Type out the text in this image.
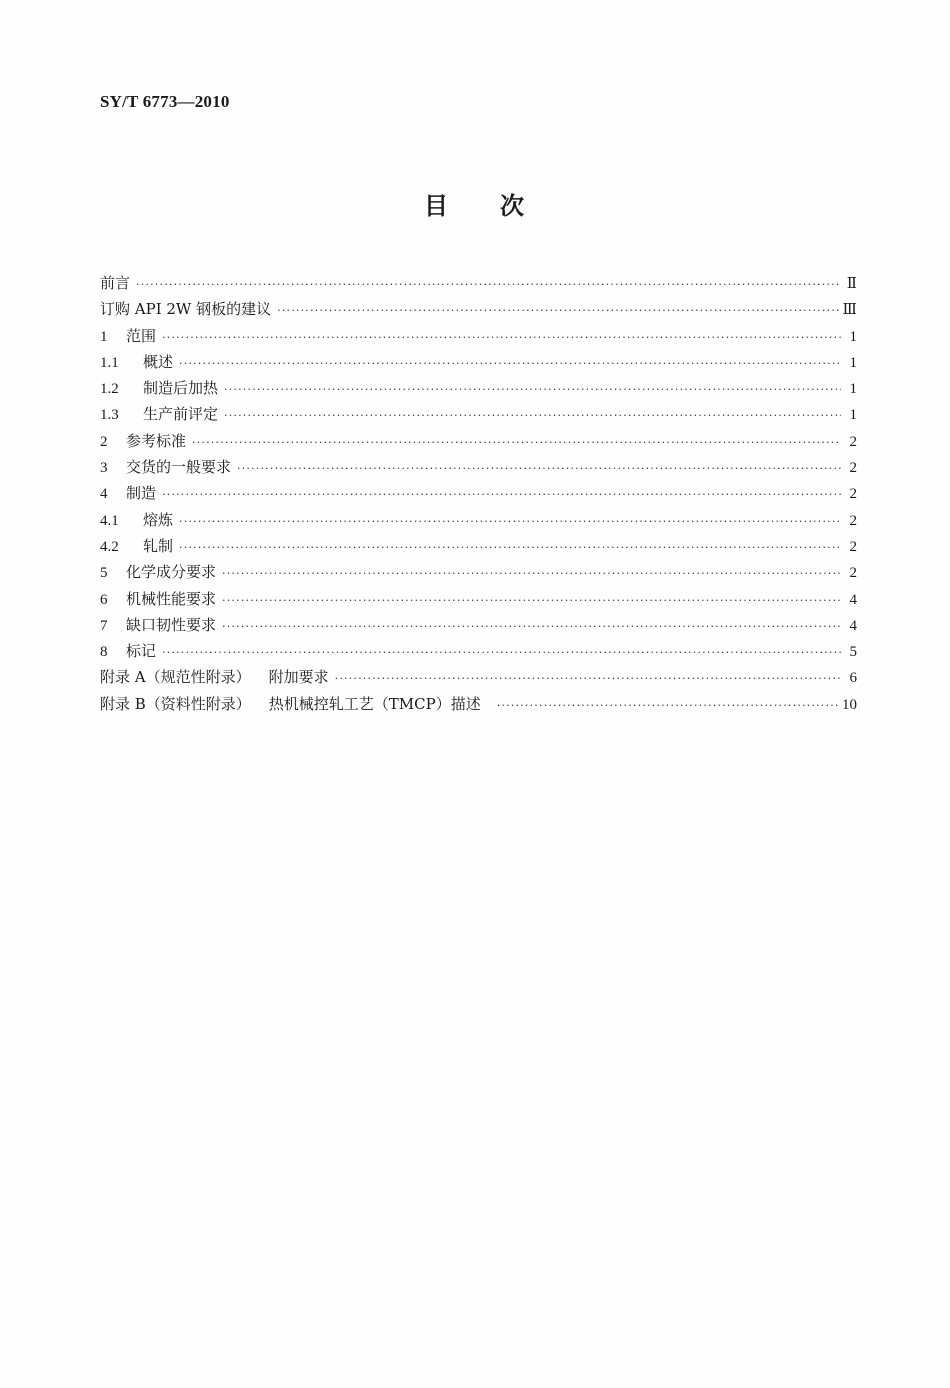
SY/T 6773—2010
目 次
前言 ·····	Ⅱ
订购 API 2W 钢板的建议 ·····	Ⅲ
1	范围 ·····	1
1.1	概述 ·····	1
1.2	制造后加热 ·····	1
1.3	生产前评定 ·····	1
2	参考标准 ·····	2
3	交货的一般要求 ·····	2
4	制造 ·····	2
4.1	熔炼 ·····	2
4.2	轧制 ·····	2
5	化学成分要求 ·····	2
6	机械性能要求 ·····	4
7	缺口韧性要求 ·····	4
8	标记 ·····	5
附录 A（规范性附录） 附加要求 ·····	6
附录 B（资料性附录） 热机械控轧工艺（TMCP）描述 ·····	10
